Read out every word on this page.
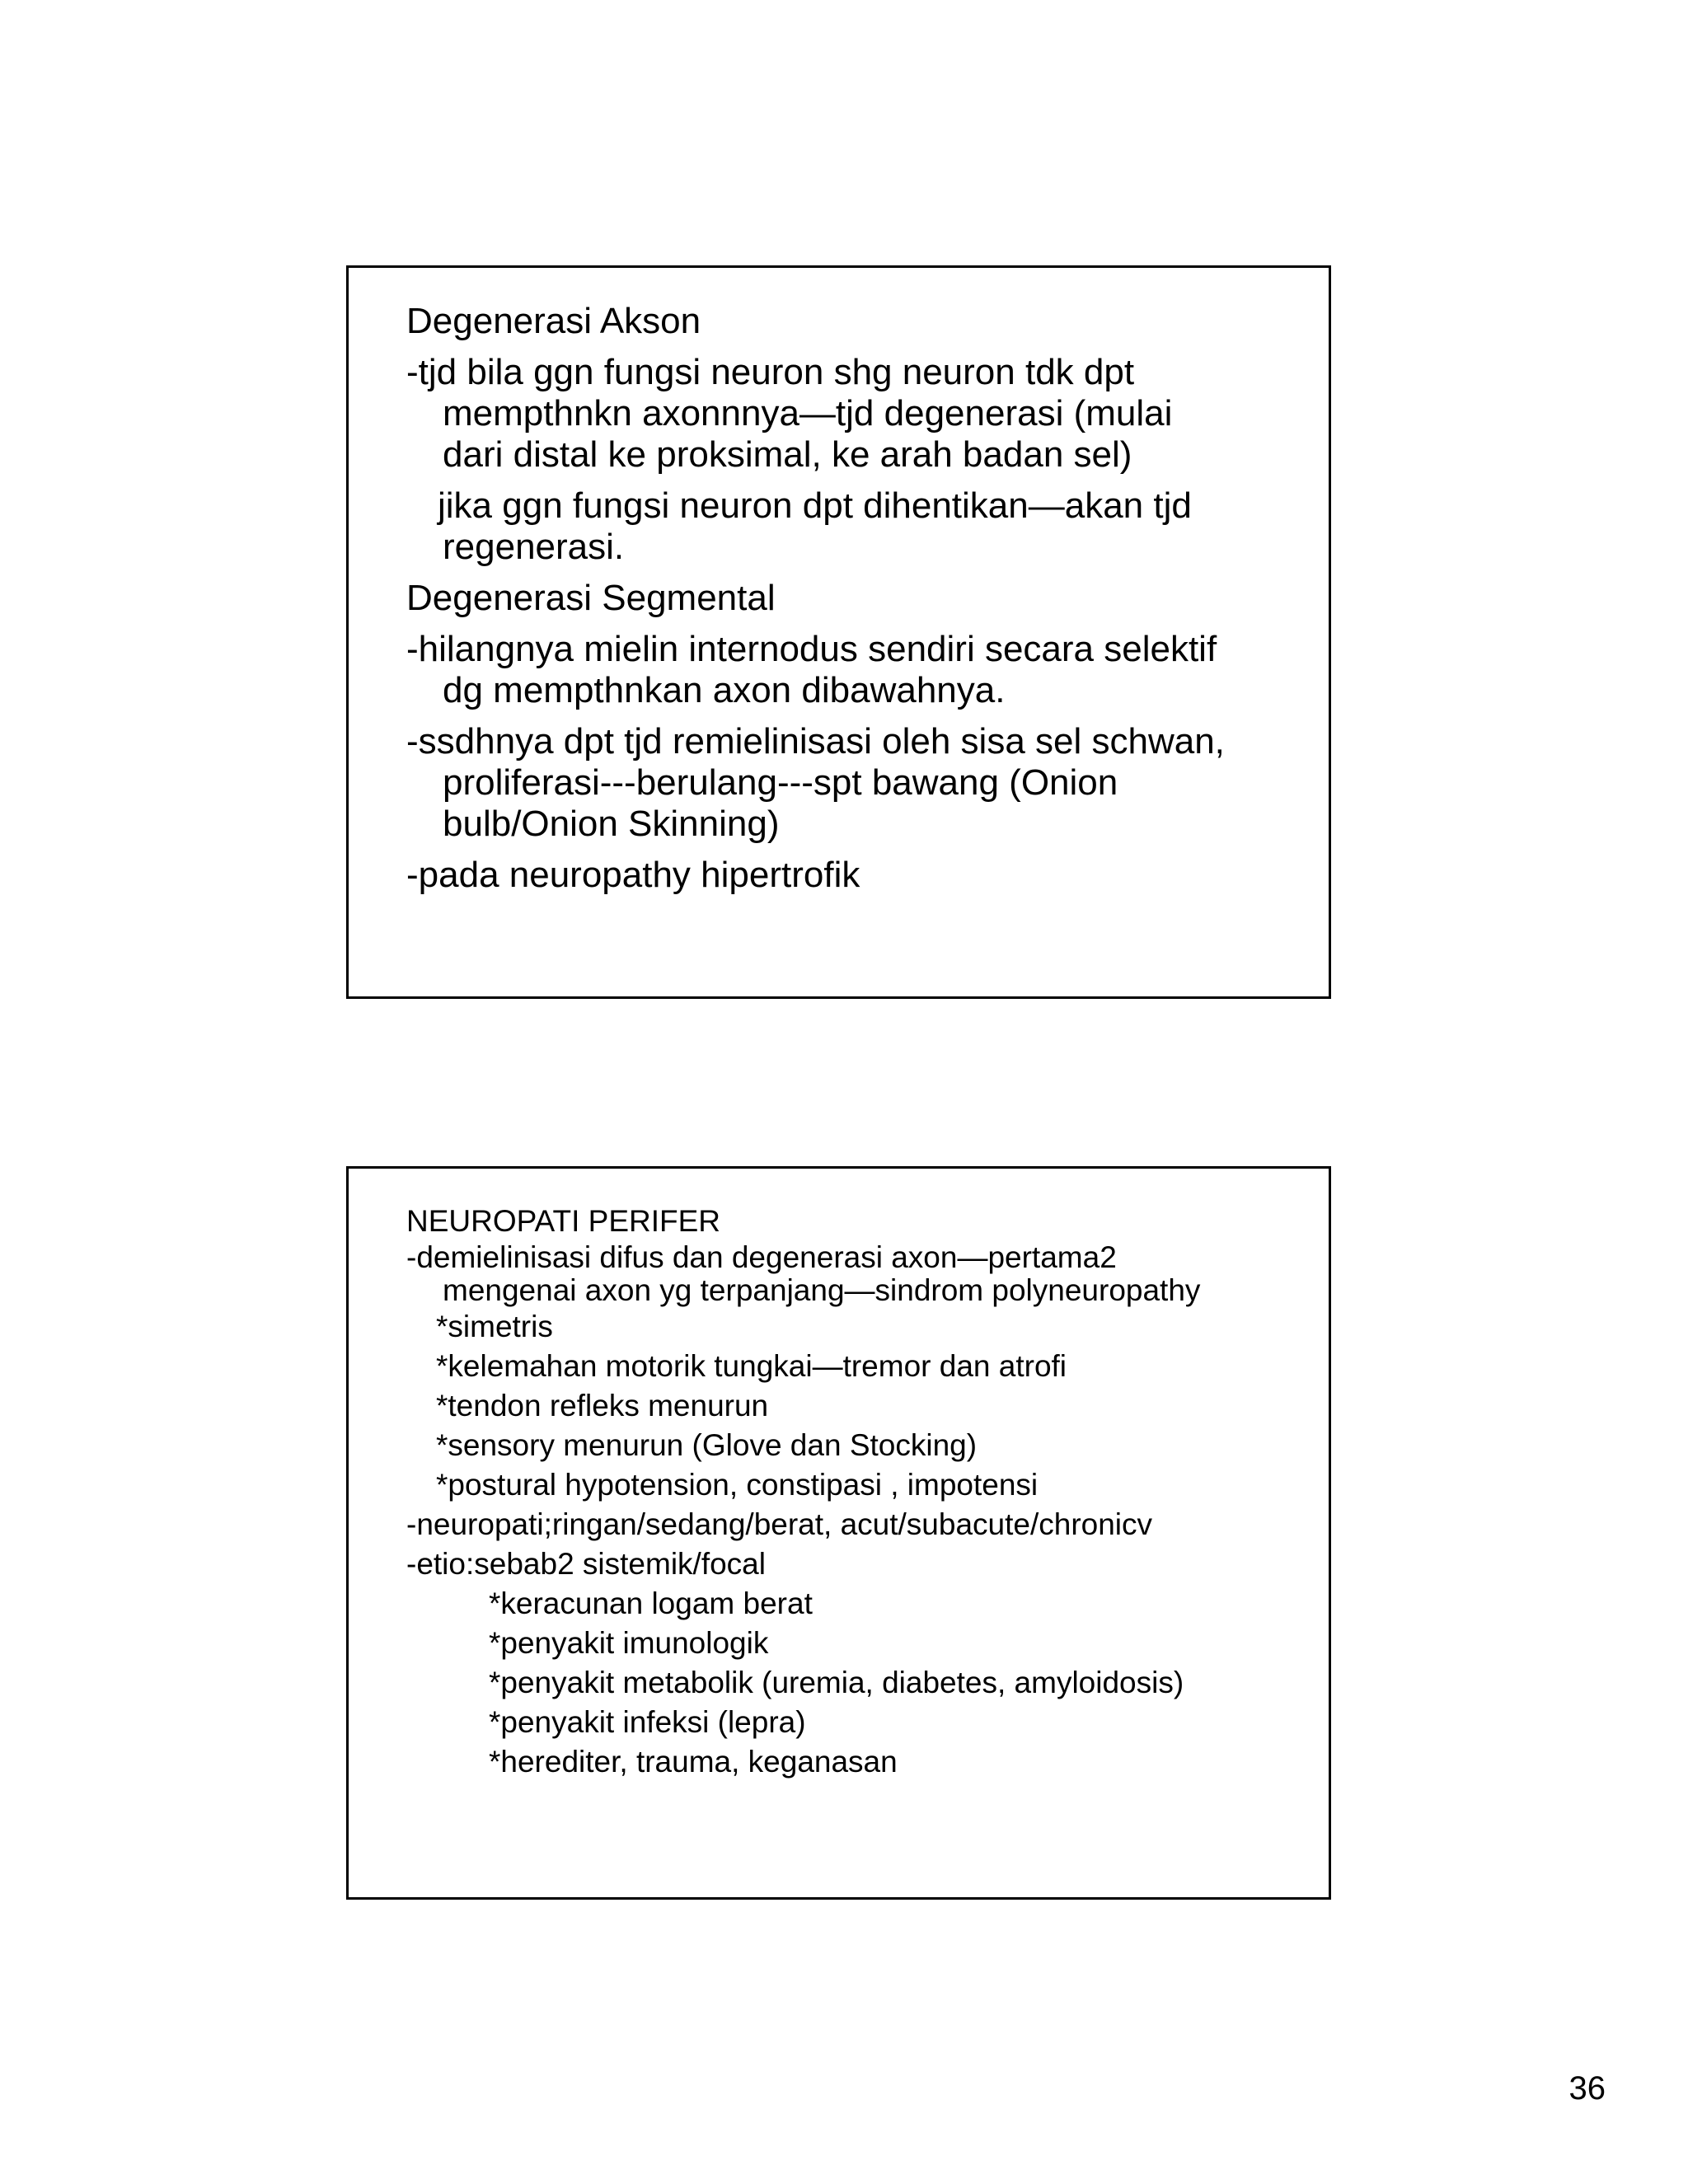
Degenerasi Akson
-tjd bila ggn fungsi neuron shg neuron tdk dpt
mempthnkn axonnnya—tjd degenerasi (mulai
dari distal ke proksimal, ke arah badan sel)
jika ggn fungsi neuron dpt dihentikan—akan tjd
regenerasi.
Degenerasi Segmental
-hilangnya mielin internodus sendiri secara selektif
dg mempthnkan axon dibawahnya.
-ssdhnya dpt tjd remielinisasi oleh sisa sel schwan,
proliferasi---berulang---spt bawang (Onion
bulb/Onion Skinning)
-pada neuropathy hipertrofik
NEUROPATI PERIFER
-demielinisasi difus dan degenerasi axon—pertama2
mengenai axon yg terpanjang—sindrom polyneuropathy
*simetris
*kelemahan motorik tungkai—tremor dan atrofi
*tendon refleks menurun
*sensory menurun (Glove dan Stocking)
*postural hypotension, constipasi , impotensi
-neuropati;ringan/sedang/berat, acut/subacute/chronicv
-etio:sebab2 sistemik/focal
*keracunan logam berat
*penyakit imunologik
*penyakit metabolik (uremia, diabetes, amyloidosis)
*penyakit infeksi (lepra)
*herediter, trauma, keganasan
36
